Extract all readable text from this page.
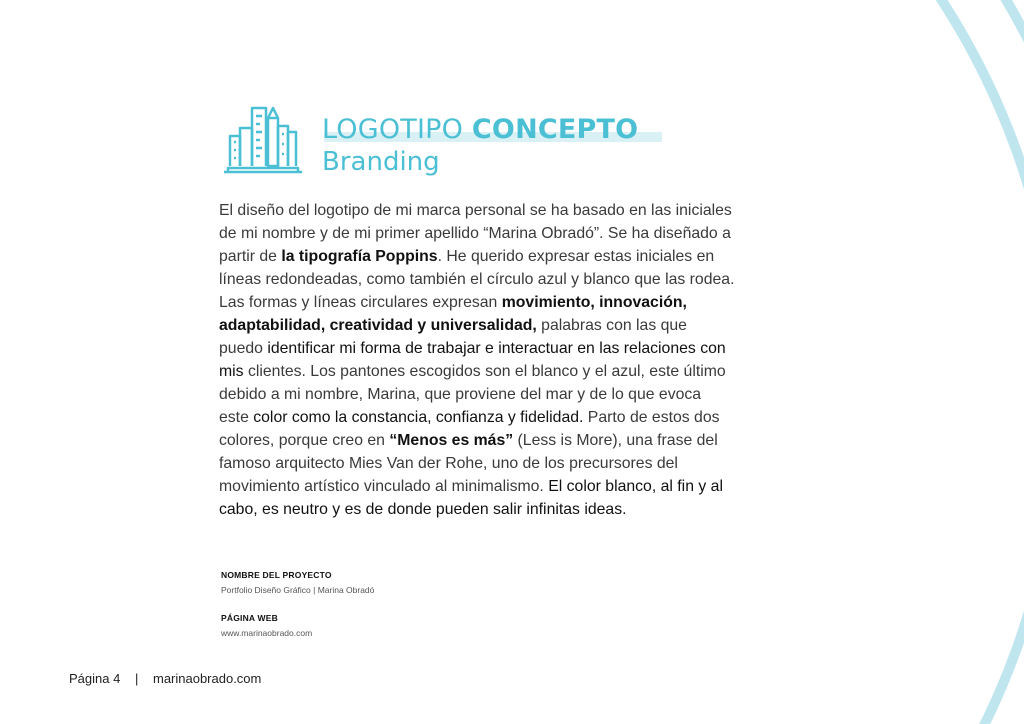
LOGOTIPO CONCEPTO
Branding
El diseño del logotipo de mi marca personal se ha basado en las iniciales de mi nombre y de mi primer apellido “Marina Obradó”. Se ha diseñado a partir de la tipografía Poppins. He querido expresar estas iniciales en líneas redondeadas, como también el círculo azul y blanco que las rodea. Las formas y líneas circulares expresan movimiento, innovación, adaptabilidad, creatividad y universalidad, palabras con las que puedo identificar mi forma de trabajar e interactuar en las relaciones con mis clientes. Los pantones escogidos son el blanco y el azul, este último debido a mi nombre, Marina, que proviene del mar y de lo que evoca este color como la constancia, confianza y fidelidad. Parto de estos dos colores, porque creo en “Menos es más” (Less is More), una frase del famoso arquitecto Mies Van der Rohe, uno de los precursores del movimiento artístico vinculado al minimalismo. El color blanco, al fin y al cabo, es neutro y es de donde pueden salir infinitas ideas.
NOMBRE DEL PROYECTO
Portfolio Diseño Gráfico | Marina Obradó
PÁGINA WEB
www.marinaobrado.com
Página 4 | marinaobrado.com
